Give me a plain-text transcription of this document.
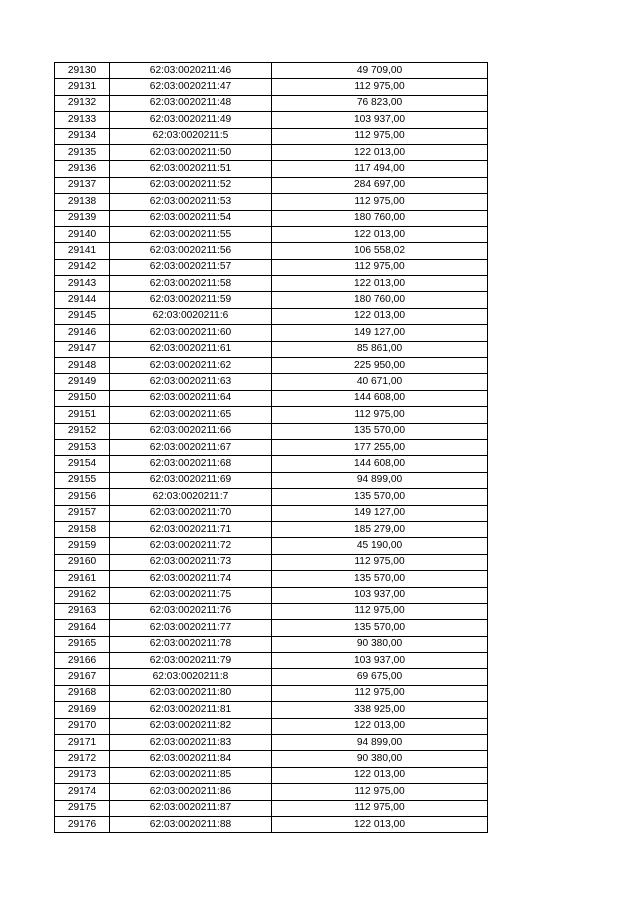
29130	62:03:0020211:46	49 709,00
29131	62:03:0020211:47	112 975,00
29132	62:03:0020211:48	76 823,00
29133	62:03:0020211:49	103 937,00
29134	62:03:0020211:5	112 975,00
29135	62:03:0020211:50	122 013,00
29136	62:03:0020211:51	117 494,00
29137	62:03:0020211:52	284 697,00
29138	62:03:0020211:53	112 975,00
29139	62:03:0020211:54	180 760,00
29140	62:03:0020211:55	122 013,00
29141	62:03:0020211:56	106 558,02
29142	62:03:0020211:57	112 975,00
29143	62:03:0020211:58	122 013,00
29144	62:03:0020211:59	180 760,00
29145	62:03:0020211:6	122 013,00
29146	62:03:0020211:60	149 127,00
29147	62:03:0020211:61	85 861,00
29148	62:03:0020211:62	225 950,00
29149	62:03:0020211:63	40 671,00
29150	62:03:0020211:64	144 608,00
29151	62:03:0020211:65	112 975,00
29152	62:03:0020211:66	135 570,00
29153	62:03:0020211:67	177 255,00
29154	62:03:0020211:68	144 608,00
29155	62:03:0020211:69	94 899,00
29156	62:03:0020211:7	135 570,00
29157	62:03:0020211:70	149 127,00
29158	62:03:0020211:71	185 279,00
29159	62:03:0020211:72	45 190,00
29160	62:03:0020211:73	112 975,00
29161	62:03:0020211:74	135 570,00
29162	62:03:0020211:75	103 937,00
29163	62:03:0020211:76	112 975,00
29164	62:03:0020211:77	135 570,00
29165	62:03:0020211:78	90 380,00
29166	62:03:0020211:79	103 937,00
29167	62:03:0020211:8	69 675,00
29168	62:03:0020211:80	112 975,00
29169	62:03:0020211:81	338 925,00
29170	62:03:0020211:82	122 013,00
29171	62:03:0020211:83	94 899,00
29172	62:03:0020211:84	90 380,00
29173	62:03:0020211:85	122 013,00
29174	62:03:0020211:86	112 975,00
29175	62:03:0020211:87	112 975,00
29176	62:03:0020211:88	122 013,00
